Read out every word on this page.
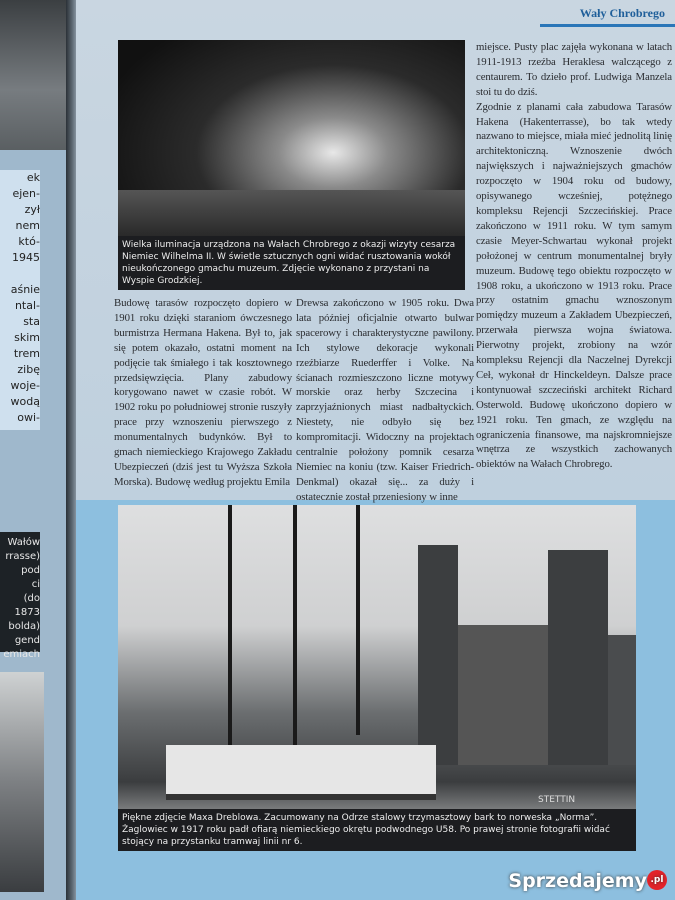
ek
ejen-
zył
nem
któ-
1945

aśnie
ntal-
sta
skim
trem
zibę
woje-
wodą
owi-
Wałów
rrasse)
pod
ci
(do 1873
bolda)
gend
emiach
Wały Chrobrego
Wielka iluminacja urządzona na Wałach Chrobrego z okazji wizyty cesarza Niemiec Wilhelma II. W świetle sztucznych ogni widać rusztowania wokół nieukończonego gmachu muzeum. Zdjęcie wykonano z przystani na Wyspie Grodzkiej.
STETTIN
Piękne zdjęcie Maxa Dreblowa. Zacumowany na Odrze stalowy trzymasztowy bark to norweska „Norma”. Żaglowiec w 1917 roku padł ofiarą niemieckiego okrętu podwodnego U58. Po prawej stronie fotografii widać stojący na przystanku tramwaj linii nr 6.
Budowę tarasów rozpoczęto dopiero w 1901 roku dzięki staraniom ówczesnego burmistrza Hermana Hakena. Był to, jak się potem okazało, ostatni moment na podjęcie tak śmiałego i tak kosztownego przedsięwzięcia. Plany zabudowy korygowano nawet w czasie robót. W 1902 roku po południowej stronie ruszyły prace przy wznoszeniu pierwszego z monumentalnych budynków. Był to gmach niemieckiego Krajowego Zakładu Ubezpieczeń (dziś jest tu Wyższa Szkoła Morska). Budowę według projektu Emila
Drewsa zakończono w 1905 roku. Dwa lata później oficjalnie otwarto bulwar spacerowy i charakterystyczne pawilony. Ich stylowe dekoracje wykonali rzeźbiarze Ruederffer i Volke. Na ścianach rozmieszczono liczne motywy morskie oraz herby Szczecina i zaprzyjaźnionych miast nadbałtyckich. Niestety, nie odbyło się bez kompromitacji. Widoczny na projektach centralnie położony pomnik cesarza Niemiec na koniu (tzw. Kaiser Friedrich-Denkmal) okazał się... za duży i ostatecznie został przeniesiony w inne

miejsce. Pusty plac zajęła wykonana w latach 1911-1913 rzeźba Heraklesa walczącego z centaurem. To dzieło prof. Ludwiga Manzela stoi tu do dziś.

Zgodnie z planami cała zabudowa Tarasów Hakena (Hakenterrasse), bo tak wtedy nazwano to miejsce, miała mieć jednolitą linię architektoniczną. Wznoszenie dwóch największych i najważniejszych gmachów rozpoczęto w 1904 roku od budowy, opisywanego wcześniej, potężnego kompleksu Rejencji Szczecińskiej. Prace zakończono w 1911 roku. W tym samym czasie Meyer-Schwartau wykonał projekt położonej w centrum monumentalnej bryły muzeum. Budowę tego obiektu rozpoczęto w 1908 roku, a ukończono w 1913 roku. Prace przy ostatnim gmachu wznoszonym pomiędzy muzeum a Zakładem Ubezpieczeń, przerwała pierwsza wojna światowa. Pierwotny projekt, zrobiony na wzór kompleksu Rejencji dla Naczelnej Dyrekcji Ceł, wykonał dr Hinckeldeyn. Dalsze prace kontynuował szczeciński architekt Richard Osterwold. Budowę ukończono dopiero w 1921 roku. Ten gmach, ze względu na ograniczenia finansowe, ma najskromniejsze wnętrza ze wszystkich zachowanych obiektów na Wałach Chrobrego.

Sprzedajemy .pl
